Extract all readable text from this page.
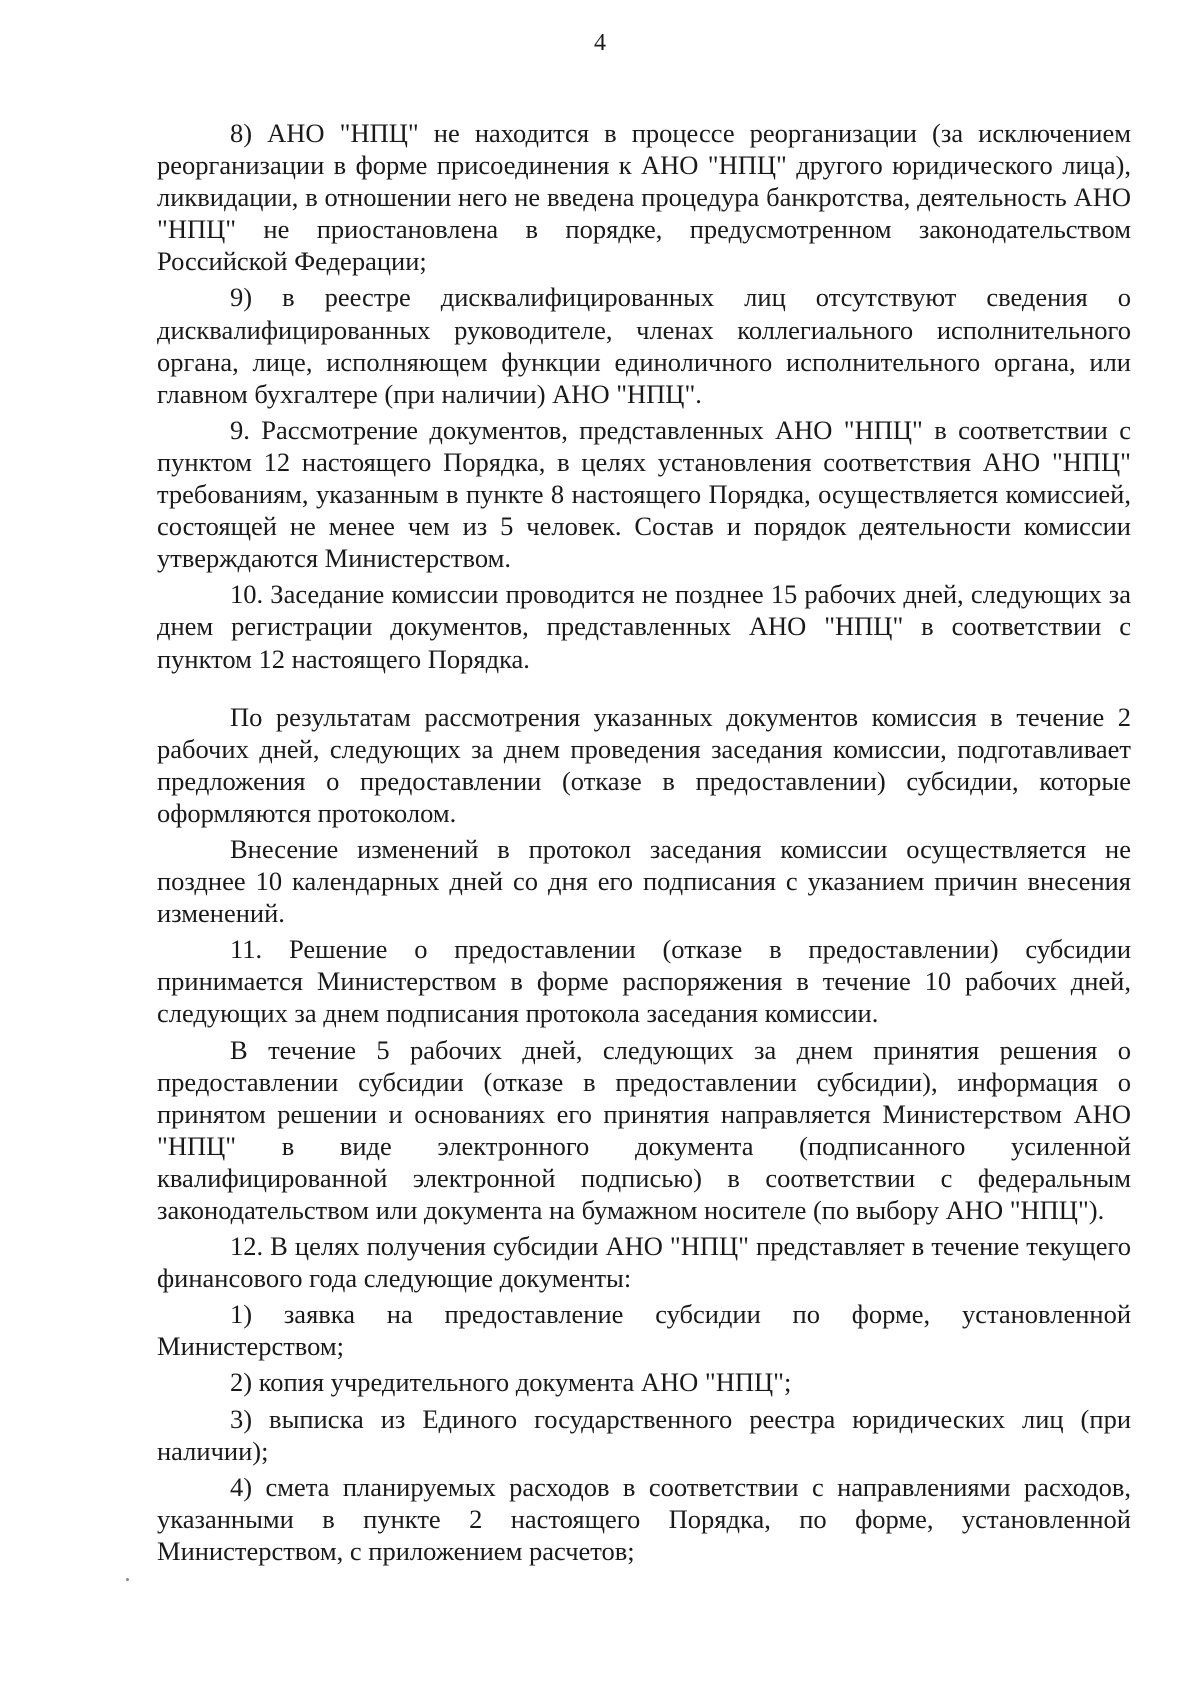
4

8) АНО "НПЦ" не находится в процессе реорганизации (за исключением реорганизации в форме присоединения к АНО "НПЦ" другого юридического лица), ликвидации, в отношении него не введена процедура банкротства, деятельность АНО "НПЦ" не приостановлена в порядке, предусмотренном законодательством Российской Федерации;

9) в реестре дисквалифицированных лиц отсутствуют сведения о дисквалифицированных руководителе, членах коллегиального исполнительного органа, лице, исполняющем функции единоличного исполнительного органа, или главном бухгалтере (при наличии) АНО "НПЦ".

9. Рассмотрение документов, представленных АНО "НПЦ" в соответствии с пунктом 12 настоящего Порядка, в целях установления соответствия АНО "НПЦ" требованиям, указанным в пункте 8 настоящего Порядка, осуществляется комиссией, состоящей не менее чем из 5 человек. Состав и порядок деятельности комиссии утверждаются Министерством.

10. Заседание комиссии проводится не позднее 15 рабочих дней, следующих за днем регистрации документов, представленных АНО "НПЦ" в соответствии с пунктом 12 настоящего Порядка.

По результатам рассмотрения указанных документов комиссия в течение 2 рабочих дней, следующих за днем проведения заседания комиссии, подготавливает предложения о предоставлении (отказе в предоставлении) субсидии, которые оформляются протоколом.

Внесение изменений в протокол заседания комиссии осуществляется не позднее 10 календарных дней со дня его подписания с указанием причин внесения изменений.

11. Решение о предоставлении (отказе в предоставлении) субсидии принимается Министерством в форме распоряжения в течение 10 рабочих дней, следующих за днем подписания протокола заседания комиссии.

В течение 5 рабочих дней, следующих за днем принятия решения о предоставлении субсидии (отказе в предоставлении субсидии), информация о принятом решении и основаниях его принятия направляется Министерством АНО "НПЦ" в виде электронного документа (подписанного усиленной квалифицированной электронной подписью) в соответствии с федеральным законодательством или документа на бумажном носителе (по выбору АНО "НПЦ").

12. В целях получения субсидии АНО "НПЦ" представляет в течение текущего финансового года следующие документы:

1) заявка на предоставление субсидии по форме, установленной Министерством;

2) копия учредительного документа АНО "НПЦ";

3) выписка из Единого государственного реестра юридических лиц (при наличии);

4) смета планируемых расходов в соответствии с направлениями расходов, указанными в пункте 2 настоящего Порядка, по форме, установленной Министерством, с приложением расчетов;
